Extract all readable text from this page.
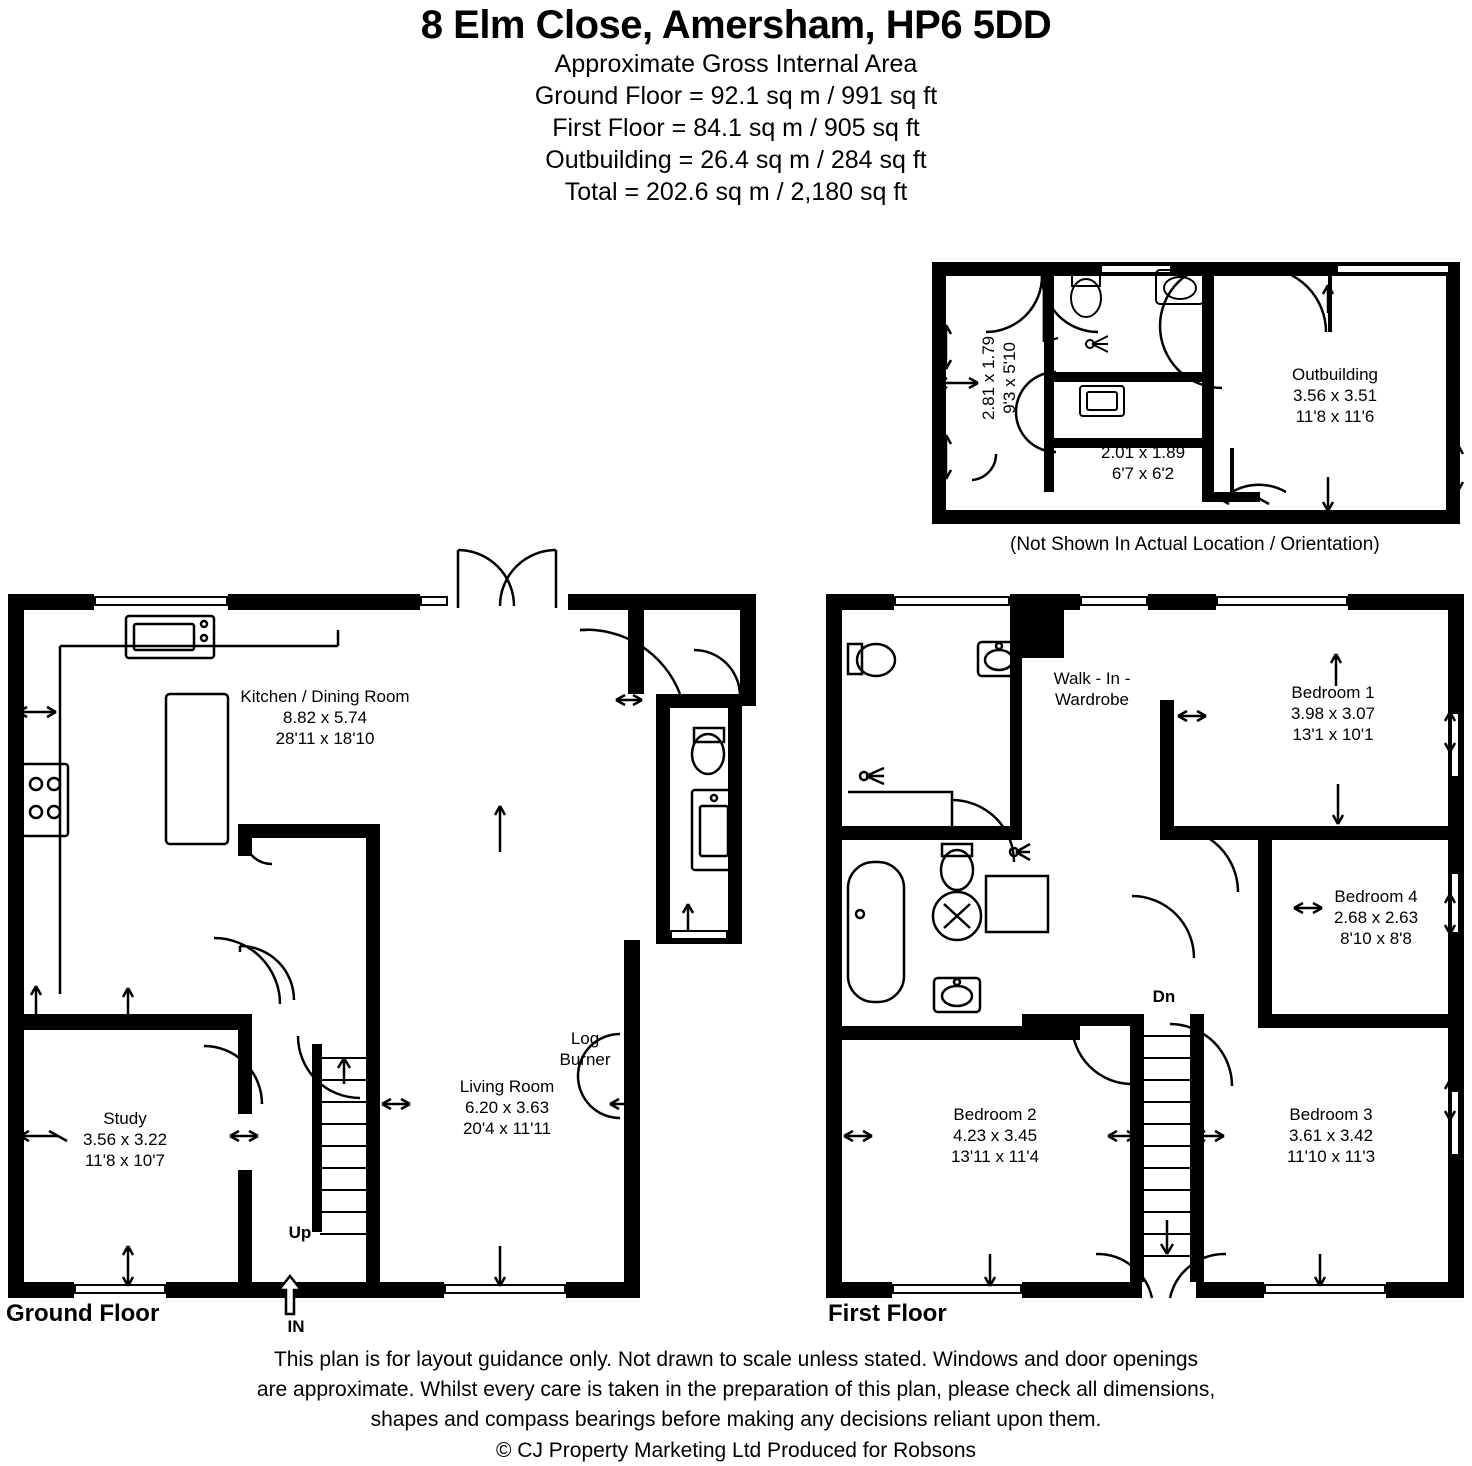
8 Elm Close, Amersham, HP6 5DD
Approximate Gross Internal Area
Ground Floor = 92.1 sq m / 991 sq ft
First Floor = 84.1 sq m / 905 sq ft
Outbuilding = 26.4 sq m / 284 sq ft
Total = 202.6 sq m / 2,180 sq ft
2.81 x 1.79 9'3 x 5'10	Outbuilding
3.56 x 3.51
11'8 x 11'6
2.01 x 1.89
6'7 x 6'2
(Not Shown In Actual Location / Orientation)
Kitchen / Dining Room
8.82 x 5.74
28'11 x 18'10
Study
3.56 x 3.22
11'8 x 10'7
Living Room
6.20 x 3.63
20'4 x 11'11
Log
Burner
Up
IN
Ground Floor
Walk - In -
Wardrobe	Bedroom 1
3.98 x 3.07
13'1 x 10'1
Bedroom 4
2.68 x 2.63
8'10 x 8'8
Bedroom 2
4.23 x 3.45
13'11 x 11'4
Bedroom 3
3.61 x 3.42
11'10 x 11'3
Dn
First Floor
This plan is for layout guidance only. Not drawn to scale unless stated. Windows and door openings
are approximate. Whilst every care is taken in the preparation of this plan, please check all dimensions,
shapes and compass bearings before making any decisions reliant upon them.
© CJ Property Marketing Ltd Produced for Robsons
